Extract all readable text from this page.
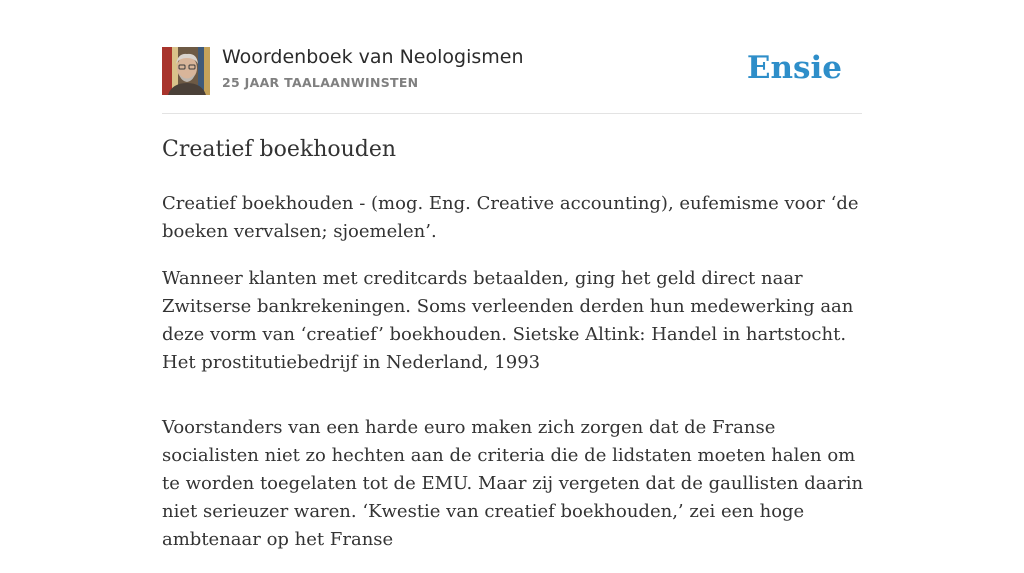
Woordenboek van Neologismen
25 JAAR TAALAANWINSTEN	Ensie
Creatief boekhouden

Creatief boekhouden - (mog. Eng. Creative accounting), eufemisme voor ‘de boeken vervalsen; sjoemelen’.

Wanneer klanten met creditcards betaalden, ging het geld direct naar Zwitserse bankrekeningen. Soms verleenden derden hun medewerking aan deze vorm van ‘creatief’ boekhouden. Sietske Altink: Handel in hartstocht. Het prostitutiebedrijf in Nederland, 1993

Voorstanders van een harde euro maken zich zorgen dat de Franse socialisten niet zo hechten aan de criteria die de lidstaten moeten halen om te worden toegelaten tot de EMU. Maar zij vergeten dat de gaullisten daarin niet serieuzer waren. ‘Kwestie van creatief boekhouden,’ zei een hoge ambtenaar op het Franse
